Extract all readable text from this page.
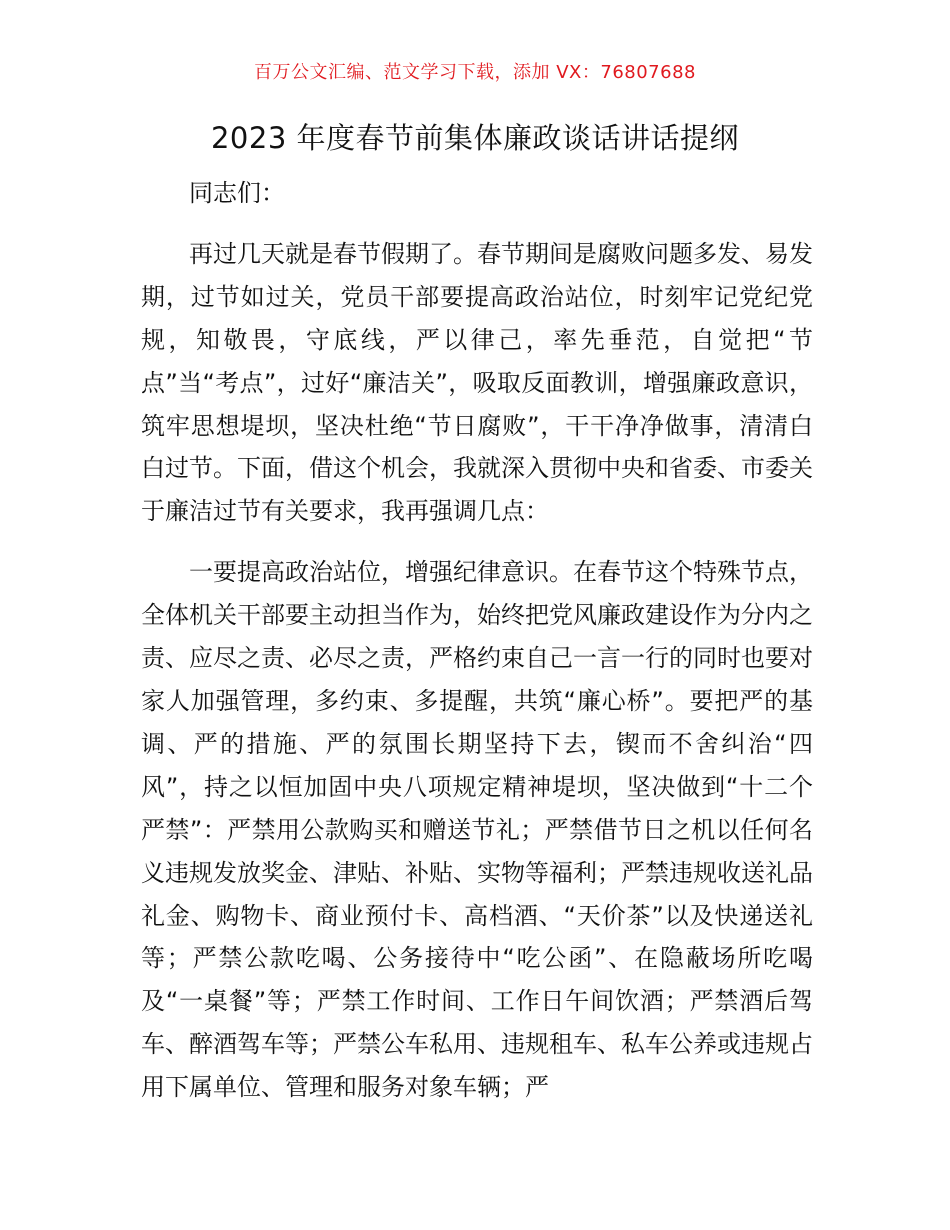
百万公文汇编、范文学习下载，添加 VX：76807688
2023 年度春节前集体廉政谈话讲话提纲

同志们：

再过几天就是春节假期了。春节期间是腐败问题多发、易发期，过节如过关，党员干部要提高政治站位，时刻牢记党纪党规，知敬畏，守底线，严以律己，率先垂范，自觉把“节点”当“考点”，过好“廉洁关”，吸取反面教训，增强廉政意识，筑牢思想堤坝，坚决杜绝“节日腐败”，干干净净做事，清清白白过节。下面，借这个机会，我就深入贯彻中央和省委、市委关于廉洁过节有关要求，我再强调几点：

一要提高政治站位，增强纪律意识。在春节这个特殊节点，全体机关干部要主动担当作为，始终把党风廉政建设作为分内之责、应尽之责、必尽之责，严格约束自己一言一行的同时也要对家人加强管理，多约束、多提醒，共筑“廉心桥”。要把严的基调、严的措施、严的氛围长期坚持下去，锲而不舍纠治“四风”，持之以恒加固中央八项规定精神堤坝，坚决做到“十二个严禁”：严禁用公款购买和赠送节礼；严禁借节日之机以任何名义违规发放奖金、津贴、补贴、实物等福利；严禁违规收送礼品礼金、购物卡、商业预付卡、高档酒、“天价茶”以及快递送礼等；严禁公款吃喝、公务接待中“吃公函”、在隐蔽场所吃喝及“一桌餐”等；严禁工作时间、工作日午间饮酒；严禁酒后驾车、醉酒驾车等；严禁公车私用、违规租车、私车公养或违规占用下属单位、管理和服务对象车辆；严
